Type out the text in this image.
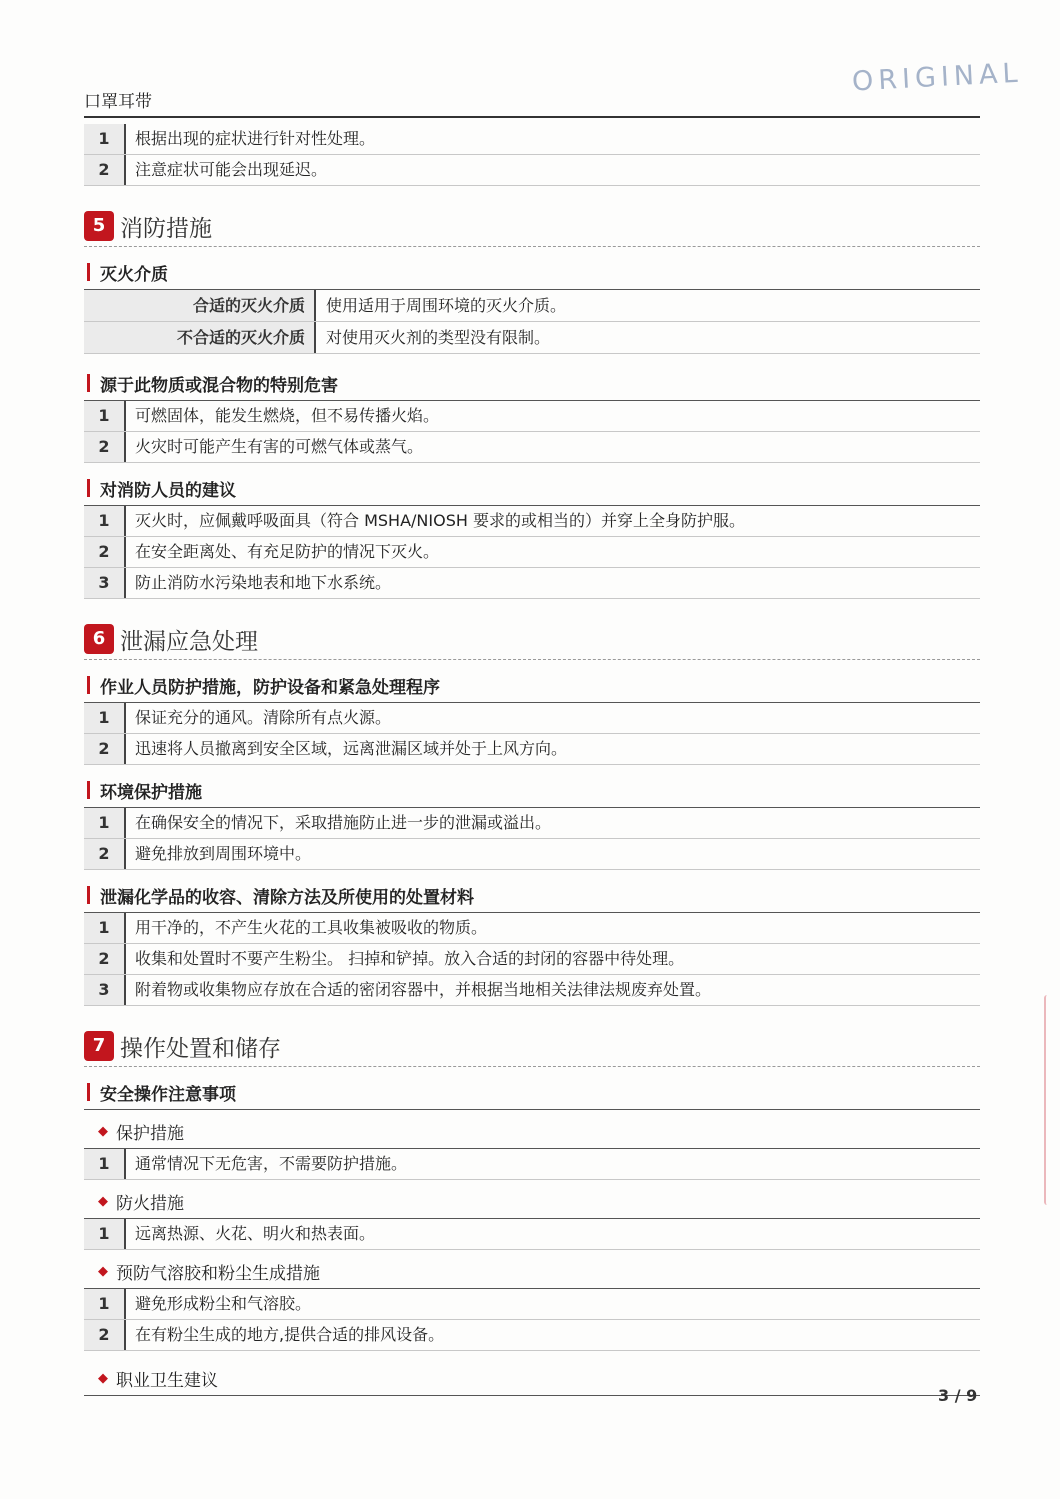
ORIGINAL
口罩耳带
1	根据出现的症状进行针对性处理。
2	注意症状可能会出现延迟。
5 消防措施
灭火介质
合适的灭火介质	使用适用于周围环境的灭火介质。
不合适的灭火介质	对使用灭火剂的类型没有限制。
源于此物质或混合物的特别危害
1	可燃固体，能发生燃烧，但不易传播火焰。
2	火灾时可能产生有害的可燃气体或蒸气。
对消防人员的建议
1	灭火时，应佩戴呼吸面具（符合 MSHA/NIOSH 要求的或相当的）并穿上全身防护服。
2	在安全距离处、有充足防护的情况下灭火。
3	防止消防水污染地表和地下水系统。
6 泄漏应急处理
作业人员防护措施，防护设备和紧急处理程序
1	保证充分的通风。清除所有点火源。
2	迅速将人员撤离到安全区域，远离泄漏区域并处于上风方向。
环境保护措施
1	在确保安全的情况下，采取措施防止进一步的泄漏或溢出。
2	避免排放到周围环境中。
泄漏化学品的收容、清除方法及所使用的处置材料
1	用干净的，不产生火花的工具收集被吸收的物质。
2	收集和处置时不要产生粉尘。 扫掉和铲掉。放入合适的封闭的容器中待处理。
3	附着物或收集物应存放在合适的密闭容器中，并根据当地相关法律法规废弃处置。
7 操作处置和储存
安全操作注意事项
◆ 保护措施
1	通常情况下无危害，不需要防护措施。
◆ 防火措施
1	远离热源、火花、明火和热表面。
◆ 预防气溶胶和粉尘生成措施
1	避免形成粉尘和气溶胶。
2	在有粉尘生成的地方,提供合适的排风设备。
◆ 职业卫生建议
3 / 9
